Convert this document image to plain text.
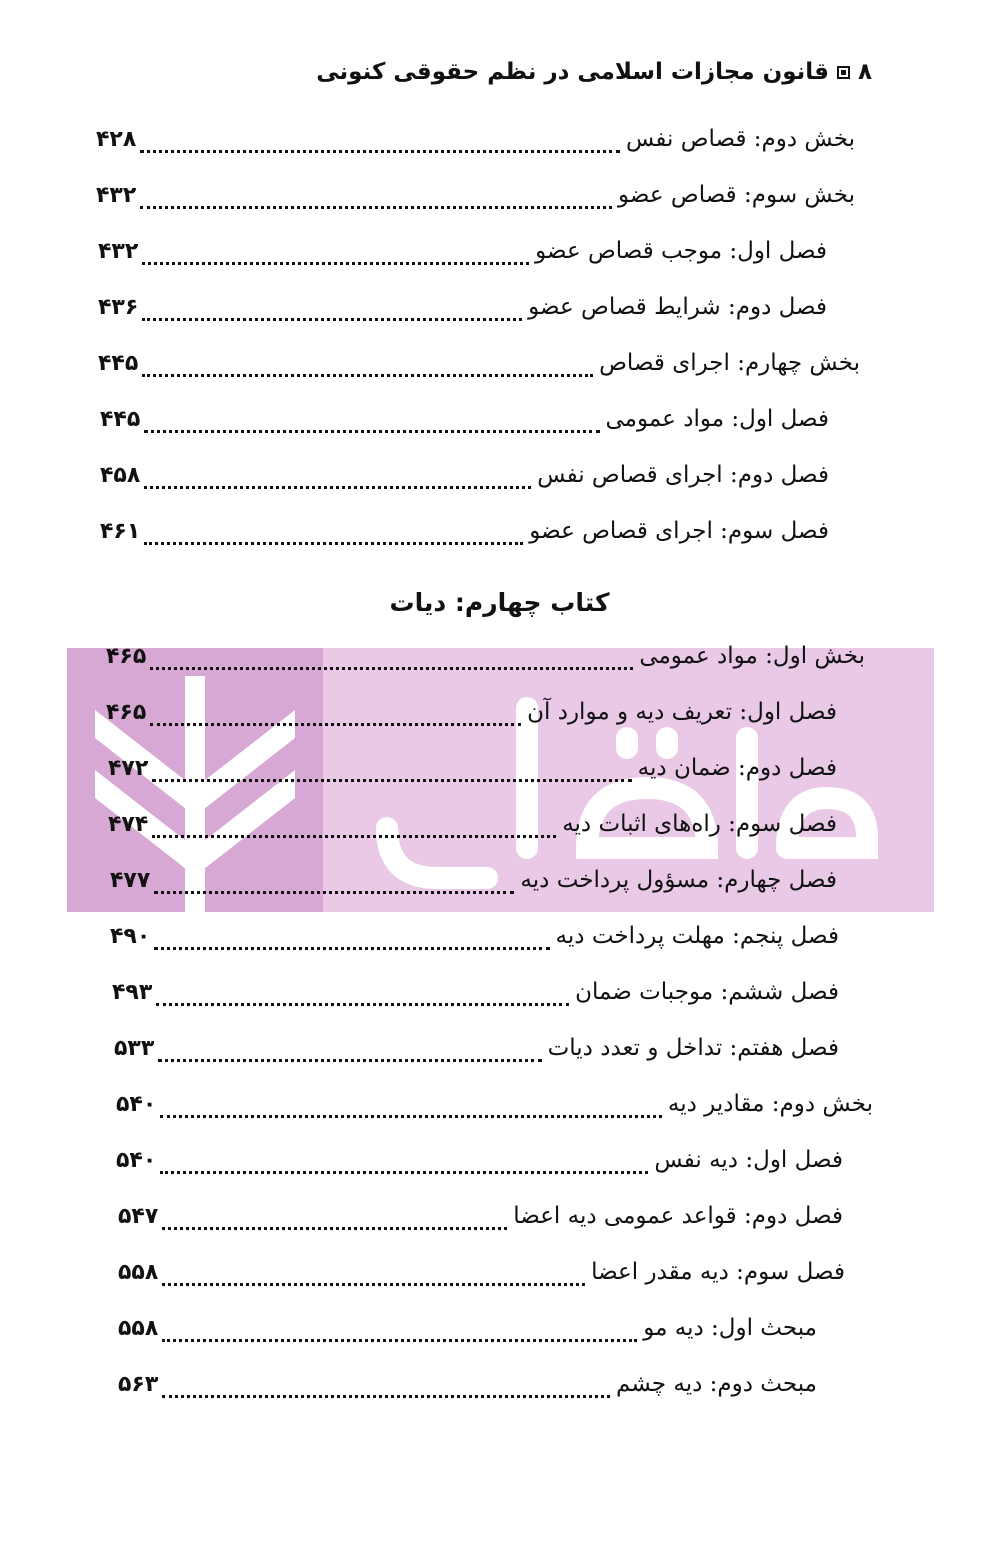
۸
قانون مجازات اسلامی در نظم حقوقی کنونی
بخش دوم: قصاص نفس
۴۲۸
بخش سوم: قصاص عضو
۴۳۲
فصل اول: موجب قصاص عضو
۴۳۲
فصل دوم: شرایط قصاص عضو
۴۳۶
بخش چهارم: اجرای قصاص
۴۴۵
فصل اول: مواد عمومی
۴۴۵
فصل دوم: اجرای قصاص نفس
۴۵۸
فصل سوم: اجرای قصاص عضو
۴۶۱
بخش اول: مواد عمومی
۴۶۵
فصل اول: تعریف دیه و موارد آن
۴۶۵
فصل دوم: ضمان دیه
۴۷۲
فصل سوم: راه‌های اثبات دیه
۴۷۴
فصل چهارم: مسؤول پرداخت دیه
۴۷۷
فصل پنجم: مهلت پرداخت دیه
۴۹۰
فصل ششم: موجبات ضمان
۴۹۳
فصل هفتم: تداخل و تعدد دیات
۵۳۳
بخش دوم: مقادیر دیه
۵۴۰
فصل اول: دیه نفس
۵۴۰
فصل دوم: قواعد عمومی دیه اعضا
۵۴۷
فصل سوم: دیه مقدر اعضا
۵۵۸
مبحث اول: دیه مو
۵۵۸
مبحث دوم: دیه چشم
۵۶۳
کتاب چهارم: دیات
